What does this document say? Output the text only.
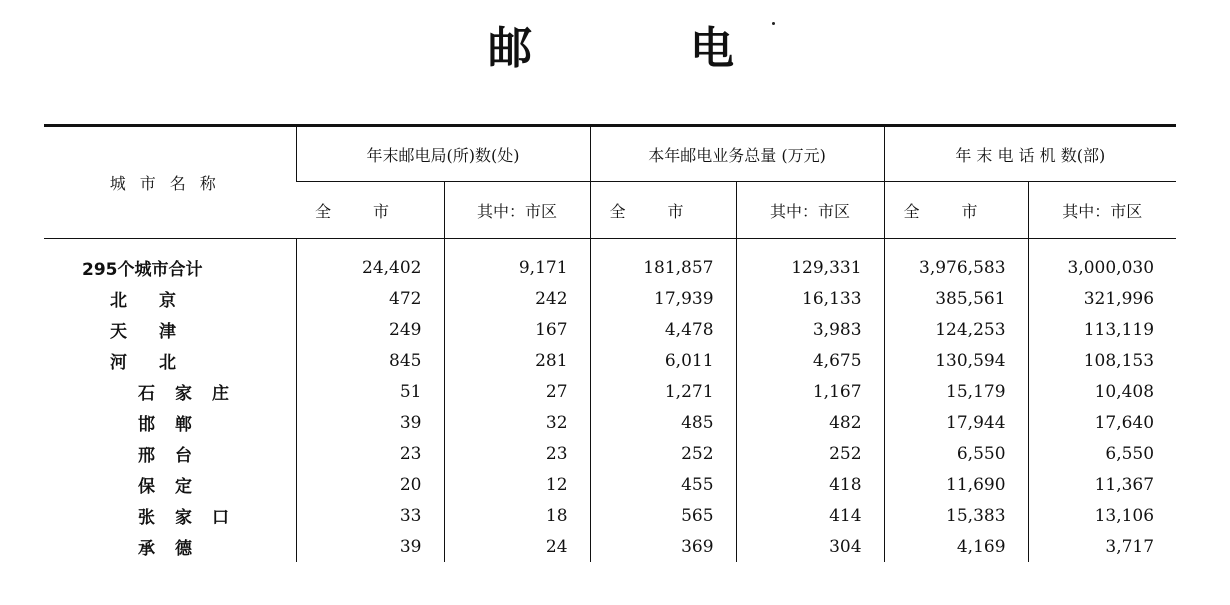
邮	电
城市名称	年末邮电局(所)数(处)		本年邮电业务总量 (万元)		年 末 电 话 机 数(部)	
	全 市	其中：市区	全 市	其中：市区	全 市	其中：市区
295个城市合计	24,402	9,171	181,857	129,331	3,976,583	3,000,030
北京	472	242	17,939	16,133	385,561	321,996
天津	249	167	4,478	3,983	124,253	113,119
河北	845	281	6,011	4,675	130,594	108,153
石家庄	51	27	1,271	1,167	15,179	10,408
邯郸	39	32	485	482	17,944	17,640
邢台	23	23	252	252	6,550	6,550
保定	20	12	455	418	11,690	11,367
张家口	33	18	565	414	15,383	13,106
承德	39	24	369	304	4,169	3,717
